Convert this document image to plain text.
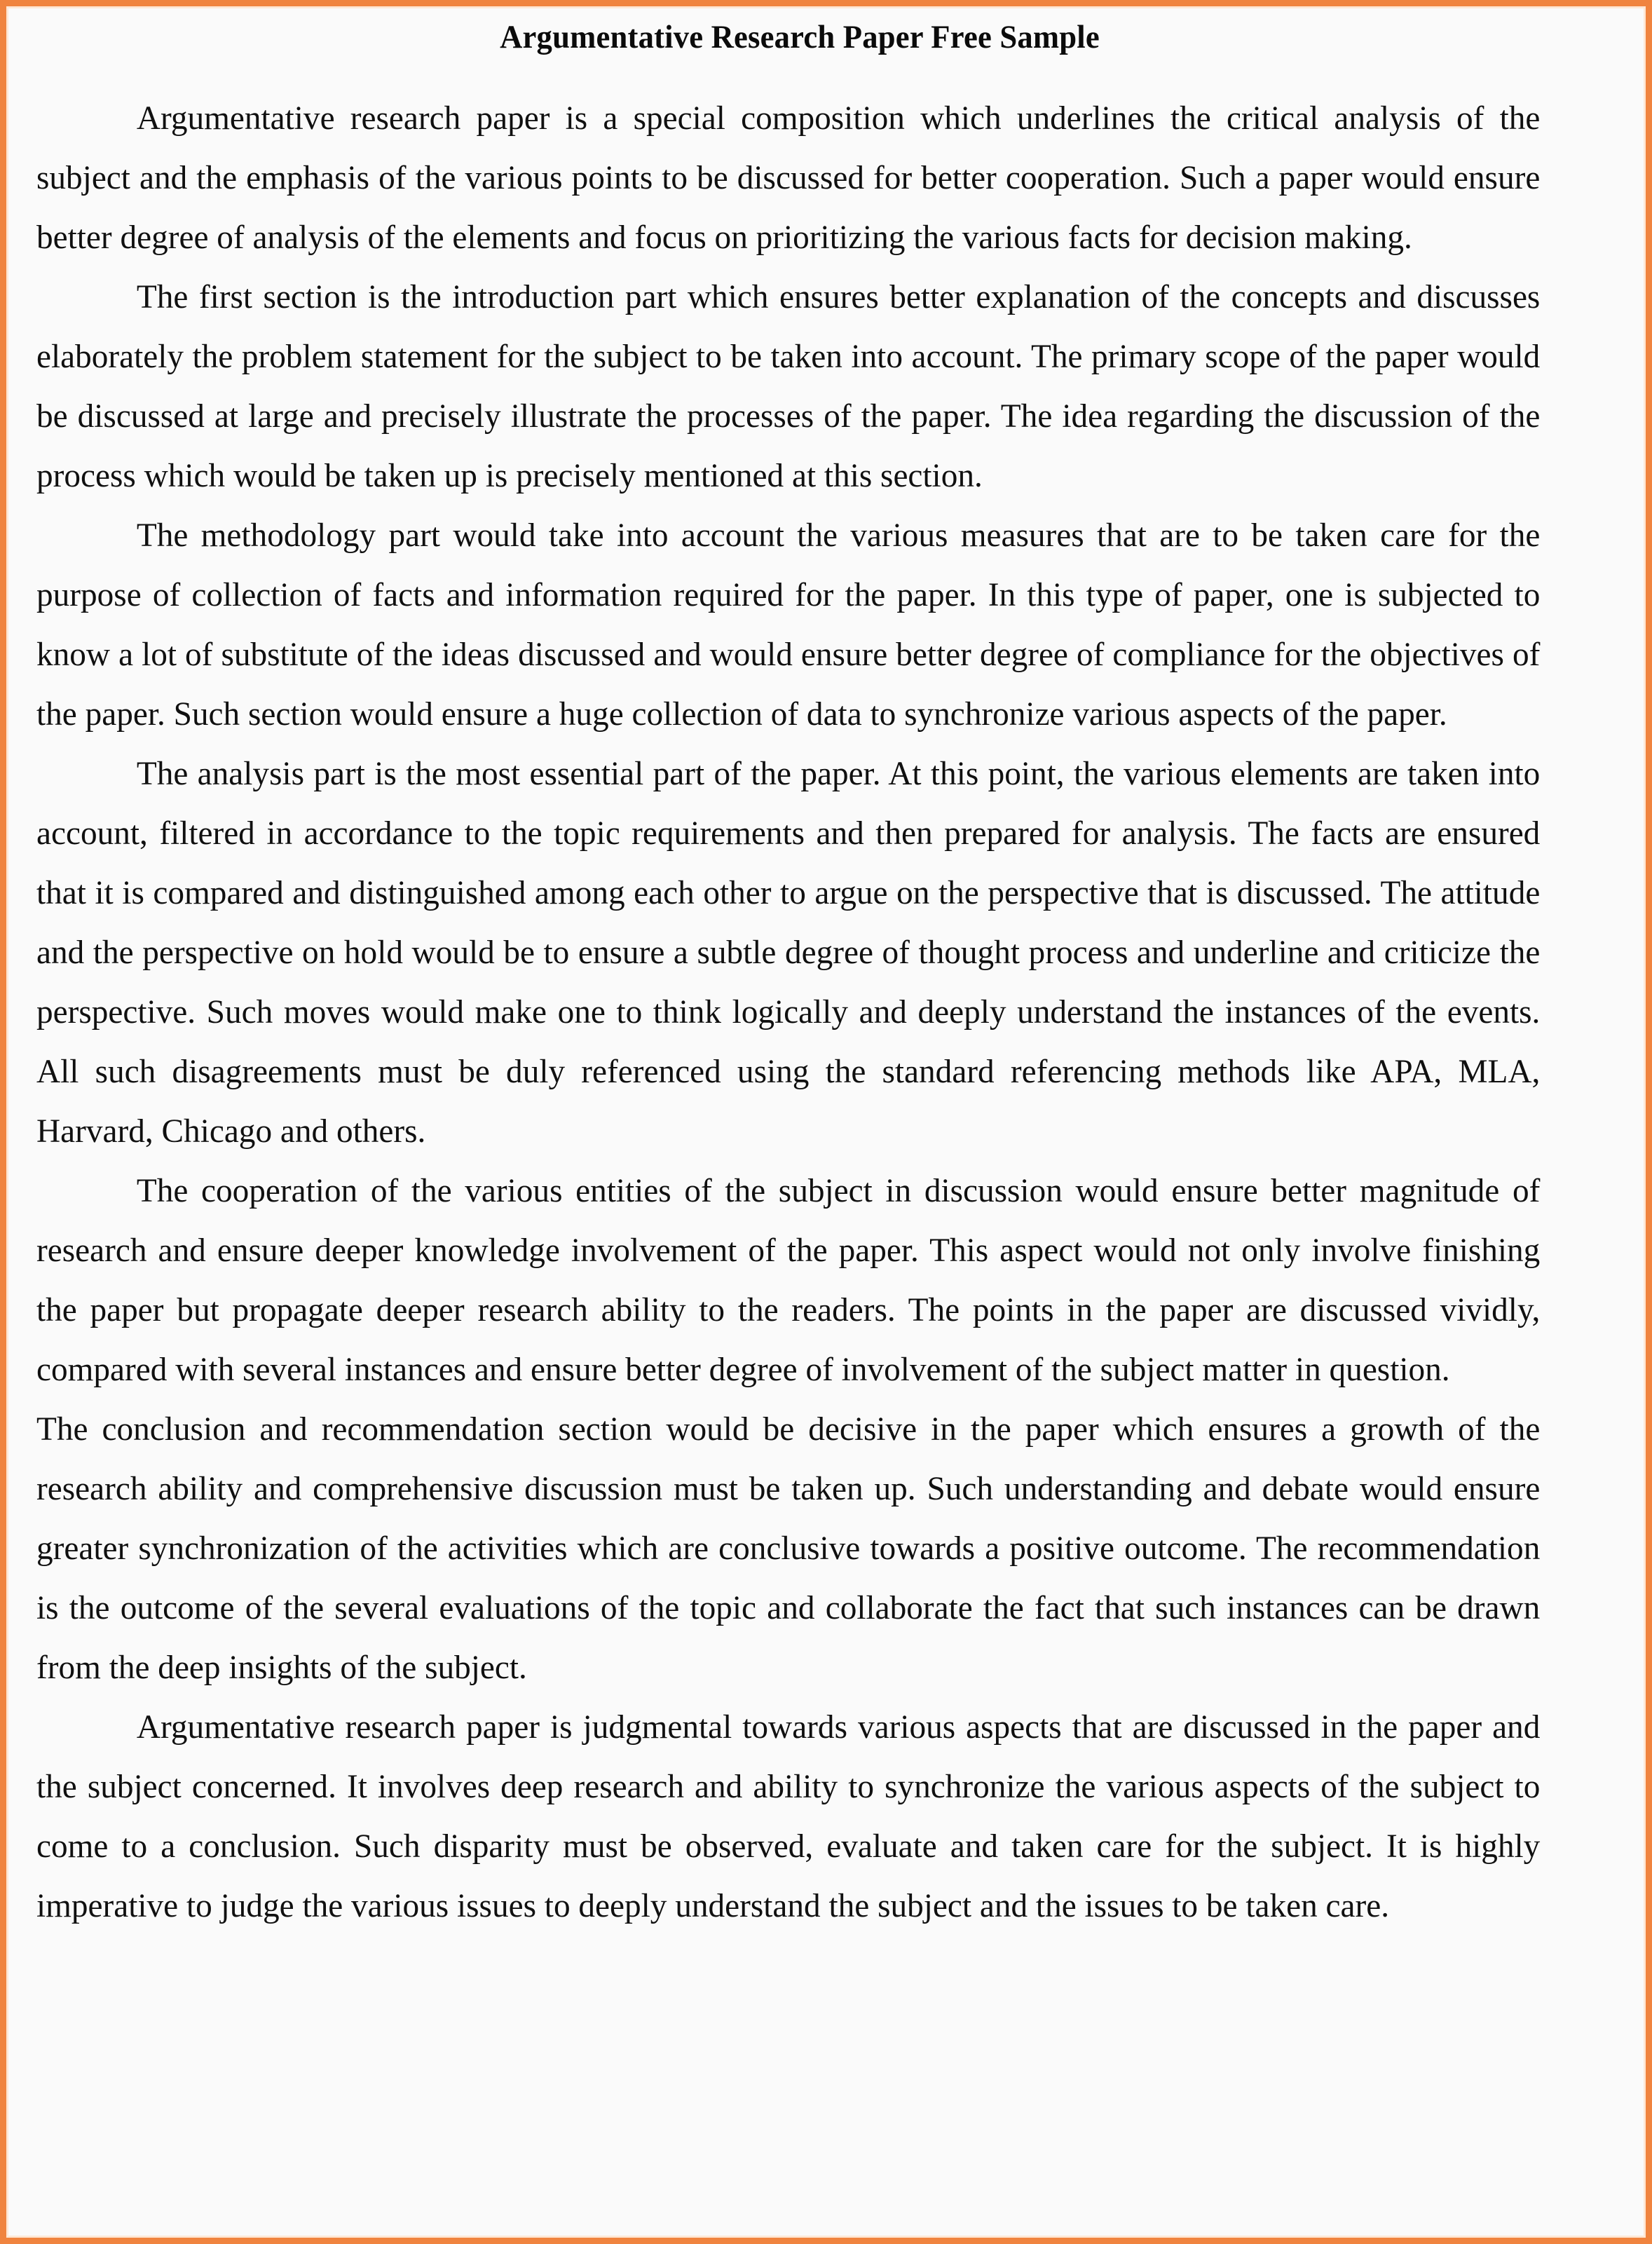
Argumentative Research Paper Free Sample

Argumentative research paper is a special composition which underlines the critical analysis of the subject and the emphasis of the various points to be discussed for better cooperation. Such a paper would ensure better degree of analysis of the elements and focus on prioritizing the various facts for decision making.

The first section is the introduction part which ensures better explanation of the concepts and discusses elaborately the problem statement for the subject to be taken into account. The primary scope of the paper would be discussed at large and precisely illustrate the processes of the paper. The idea regarding the discussion of the process which would be taken up is precisely mentioned at this section.

The methodology part would take into account the various measures that are to be taken care for the purpose of collection of facts and information required for the paper. In this type of paper, one is subjected to know a lot of substitute of the ideas discussed and would ensure better degree of compliance for the objectives of the paper. Such section would ensure a huge collection of data to synchronize various aspects of the paper.

The analysis part is the most essential part of the paper. At this point, the various elements are taken into account, filtered in accordance to the topic requirements and then prepared for analysis. The facts are ensured that it is compared and distinguished among each other to argue on the perspective that is discussed. The attitude and the perspective on hold would be to ensure a subtle degree of thought process and underline and criticize the perspective. Such moves would make one to think logically and deeply understand the instances of the events. All such disagreements must be duly referenced using the standard referencing methods like APA, MLA, Harvard, Chicago and others.

The cooperation of the various entities of the subject in discussion would ensure better magnitude of research and ensure deeper knowledge involvement of the paper. This aspect would not only involve finishing the paper but propagate deeper research ability to the readers. The points in the paper are discussed vividly, compared with several instances and ensure better degree of involvement of the subject matter in question.

The conclusion and recommendation section would be decisive in the paper which ensures a growth of the research ability and comprehensive discussion must be taken up. Such understanding and debate would ensure greater synchronization of the activities which are conclusive towards a positive outcome. The recommendation is the outcome of the several evaluations of the topic and collaborate the fact that such instances can be drawn from the deep insights of the subject.

Argumentative research paper is judgmental towards various aspects that are discussed in the paper and the subject concerned. It involves deep research and ability to synchronize the various aspects of the subject to come to a conclusion. Such disparity must be observed, evaluate and taken care for the subject. It is highly imperative to judge the various issues to deeply understand the subject and the issues to be taken care.
